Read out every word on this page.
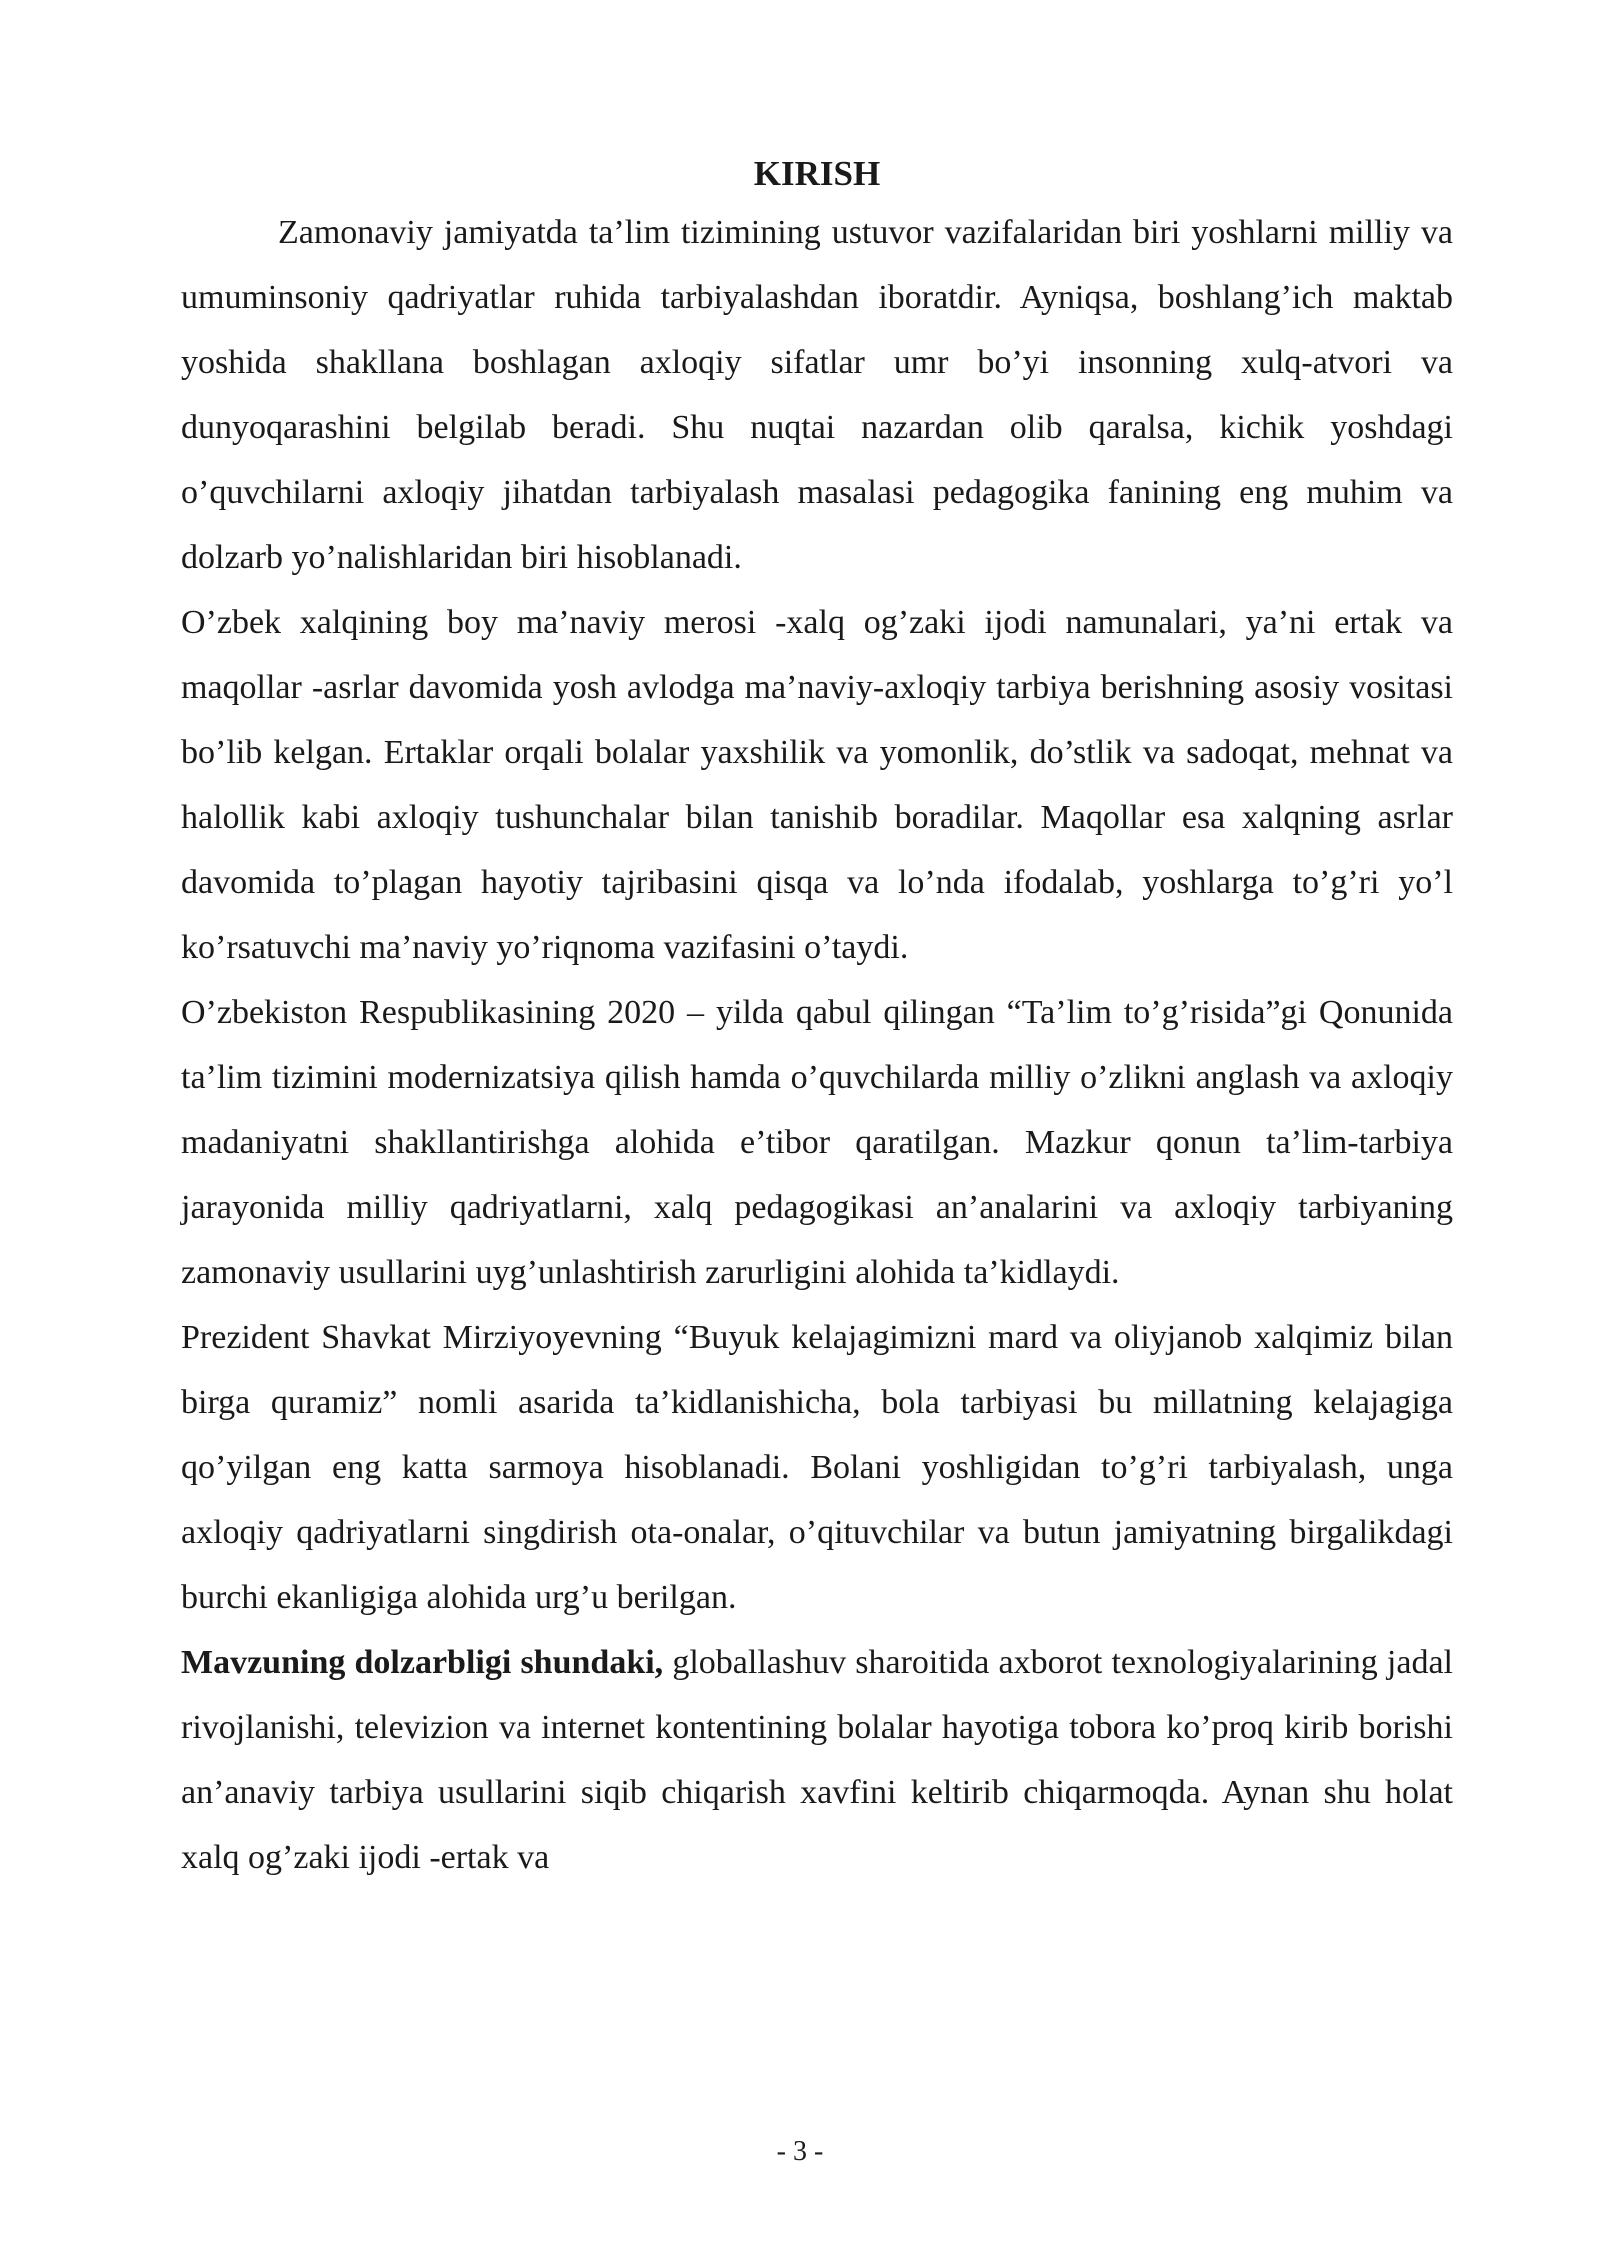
KIRISH

Zamonaviy jamiyatda ta’lim tizimining ustuvor vazifalaridan biri yoshlarni milliy va umuminsoniy qadriyatlar ruhida tarbiyalashdan iboratdir. Ayniqsa, boshlang’ich maktab yoshida shakllana boshlagan axloqiy sifatlar umr bo’yi insonning xulq-atvori va dunyoqarashini belgilab beradi. Shu nuqtai nazardan olib qaralsa, kichik yoshdagi o’quvchilarni axloqiy jihatdan tarbiyalash masalasi pedagogika fanining eng muhim va dolzarb yo’nalishlaridan biri hisoblanadi.

O’zbek xalqining boy ma’naviy merosi -xalq og’zaki ijodi namunalari, ya’ni ertak va maqollar -asrlar davomida yosh avlodga ma’naviy-axloqiy tarbiya berishning asosiy vositasi bo’lib kelgan. Ertaklar orqali bolalar yaxshilik va yomonlik, do’stlik va sadoqat, mehnat va halollik kabi axloqiy tushunchalar bilan tanishib boradilar. Maqollar esa xalqning asrlar davomida to’plagan hayotiy tajribasini qisqa va lo’nda ifodalab, yoshlarga to’g’ri yo’l ko’rsatuvchi ma’naviy yo’riqnoma vazifasini o’taydi.

O’zbekiston Respublikasining 2020 – yilda qabul qilingan “Ta’lim to’g’risida”gi Qonunida ta’lim tizimini modernizatsiya qilish hamda o’quvchilarda milliy o’zlikni anglash va axloqiy madaniyatni shakllantirishga alohida e’tibor qaratilgan. Mazkur qonun ta’lim-tarbiya jarayonida milliy qadriyatlarni, xalq pedagogikasi an’analarini va axloqiy tarbiyaning zamonaviy usullarini uyg’unlashtirish zarurligini alohida ta’kidlaydi.

Prezident Shavkat Mirziyoyevning “Buyuk kelajagimizni mard va oliyjanob xalqimiz bilan birga quramiz” nomli asarida ta’kidlanishicha, bola tarbiyasi bu millatning kelajagiga qo’yilgan eng katta sarmoya hisoblanadi. Bolani yoshligidan to’g’ri tarbiyalash, unga axloqiy qadriyatlarni singdirish ota-onalar, o’qituvchilar va butun jamiyatning birgalikdagi burchi ekanligiga alohida urg’u berilgan.

Mavzuning dolzarbligi shundaki, globallashuv sharoitida axborot texnologiyalarining jadal rivojlanishi, televizion va internet kontentining bolalar hayotiga tobora ko’proq kirib borishi an’anaviy tarbiya usullarini siqib chiqarish xavfini keltirib chiqarmoqda. Aynan shu holat xalq og’zaki ijodi -ertak va

- 3 -
